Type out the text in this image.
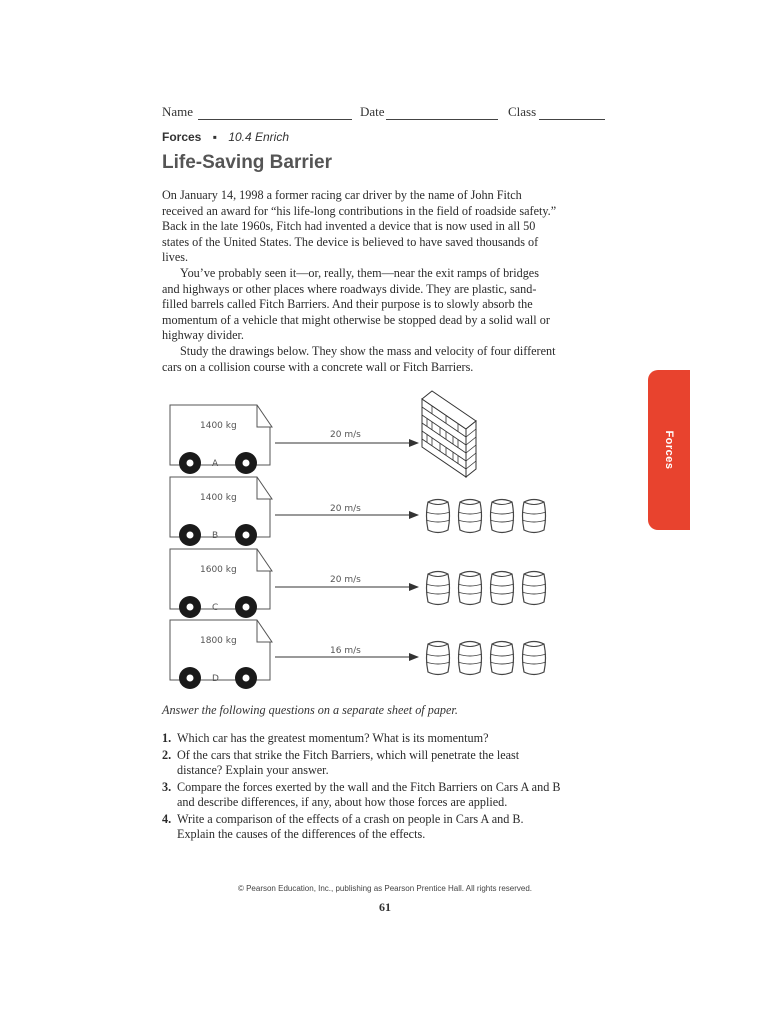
Name	Date	Class
Forces ▪ 10.4 Enrich
Life-Saving Barrier

On January 14, 1998 a former racing car driver by the name of John Fitch received an award for “his life-long contributions in the field of roadside safety.” Back in the late 1960s, Fitch had invented a device that is now used in all 50 states of the United States. The device is believed to have saved thousands of lives.

You’ve probably seen it—or, really, them—near the exit ramps of bridges and highways or other places where roadways divide. They are plastic, sand-filled barrels called Fitch Barriers. And their purpose is to slowly absorb the momentum of a vehicle that might otherwise be stopped dead by a solid wall or highway divider.

Study the drawings below. They show the mass and velocity of four different cars on a collision course with a concrete wall or Fitch Barriers.

Forces
1400 kg
A
20 m/s
1400 kg
B
20 m/s
1600 kg
C
20 m/s
1800 kg
D
16 m/s

Answer the following questions on a separate sheet of paper.

1. Which car has the greatest momentum? What is its momentum?
2. Of the cars that strike the Fitch Barriers, which will penetrate the least distance? Explain your answer.
3. Compare the forces exerted by the wall and the Fitch Barriers on Cars A and B and describe differences, if any, about how those forces are applied.
4. Write a comparison of the effects of a crash on people in Cars A and B. Explain the causes of the differences of the effects.
© Pearson Education, Inc., publishing as Pearson Prentice Hall. All rights reserved.
61
